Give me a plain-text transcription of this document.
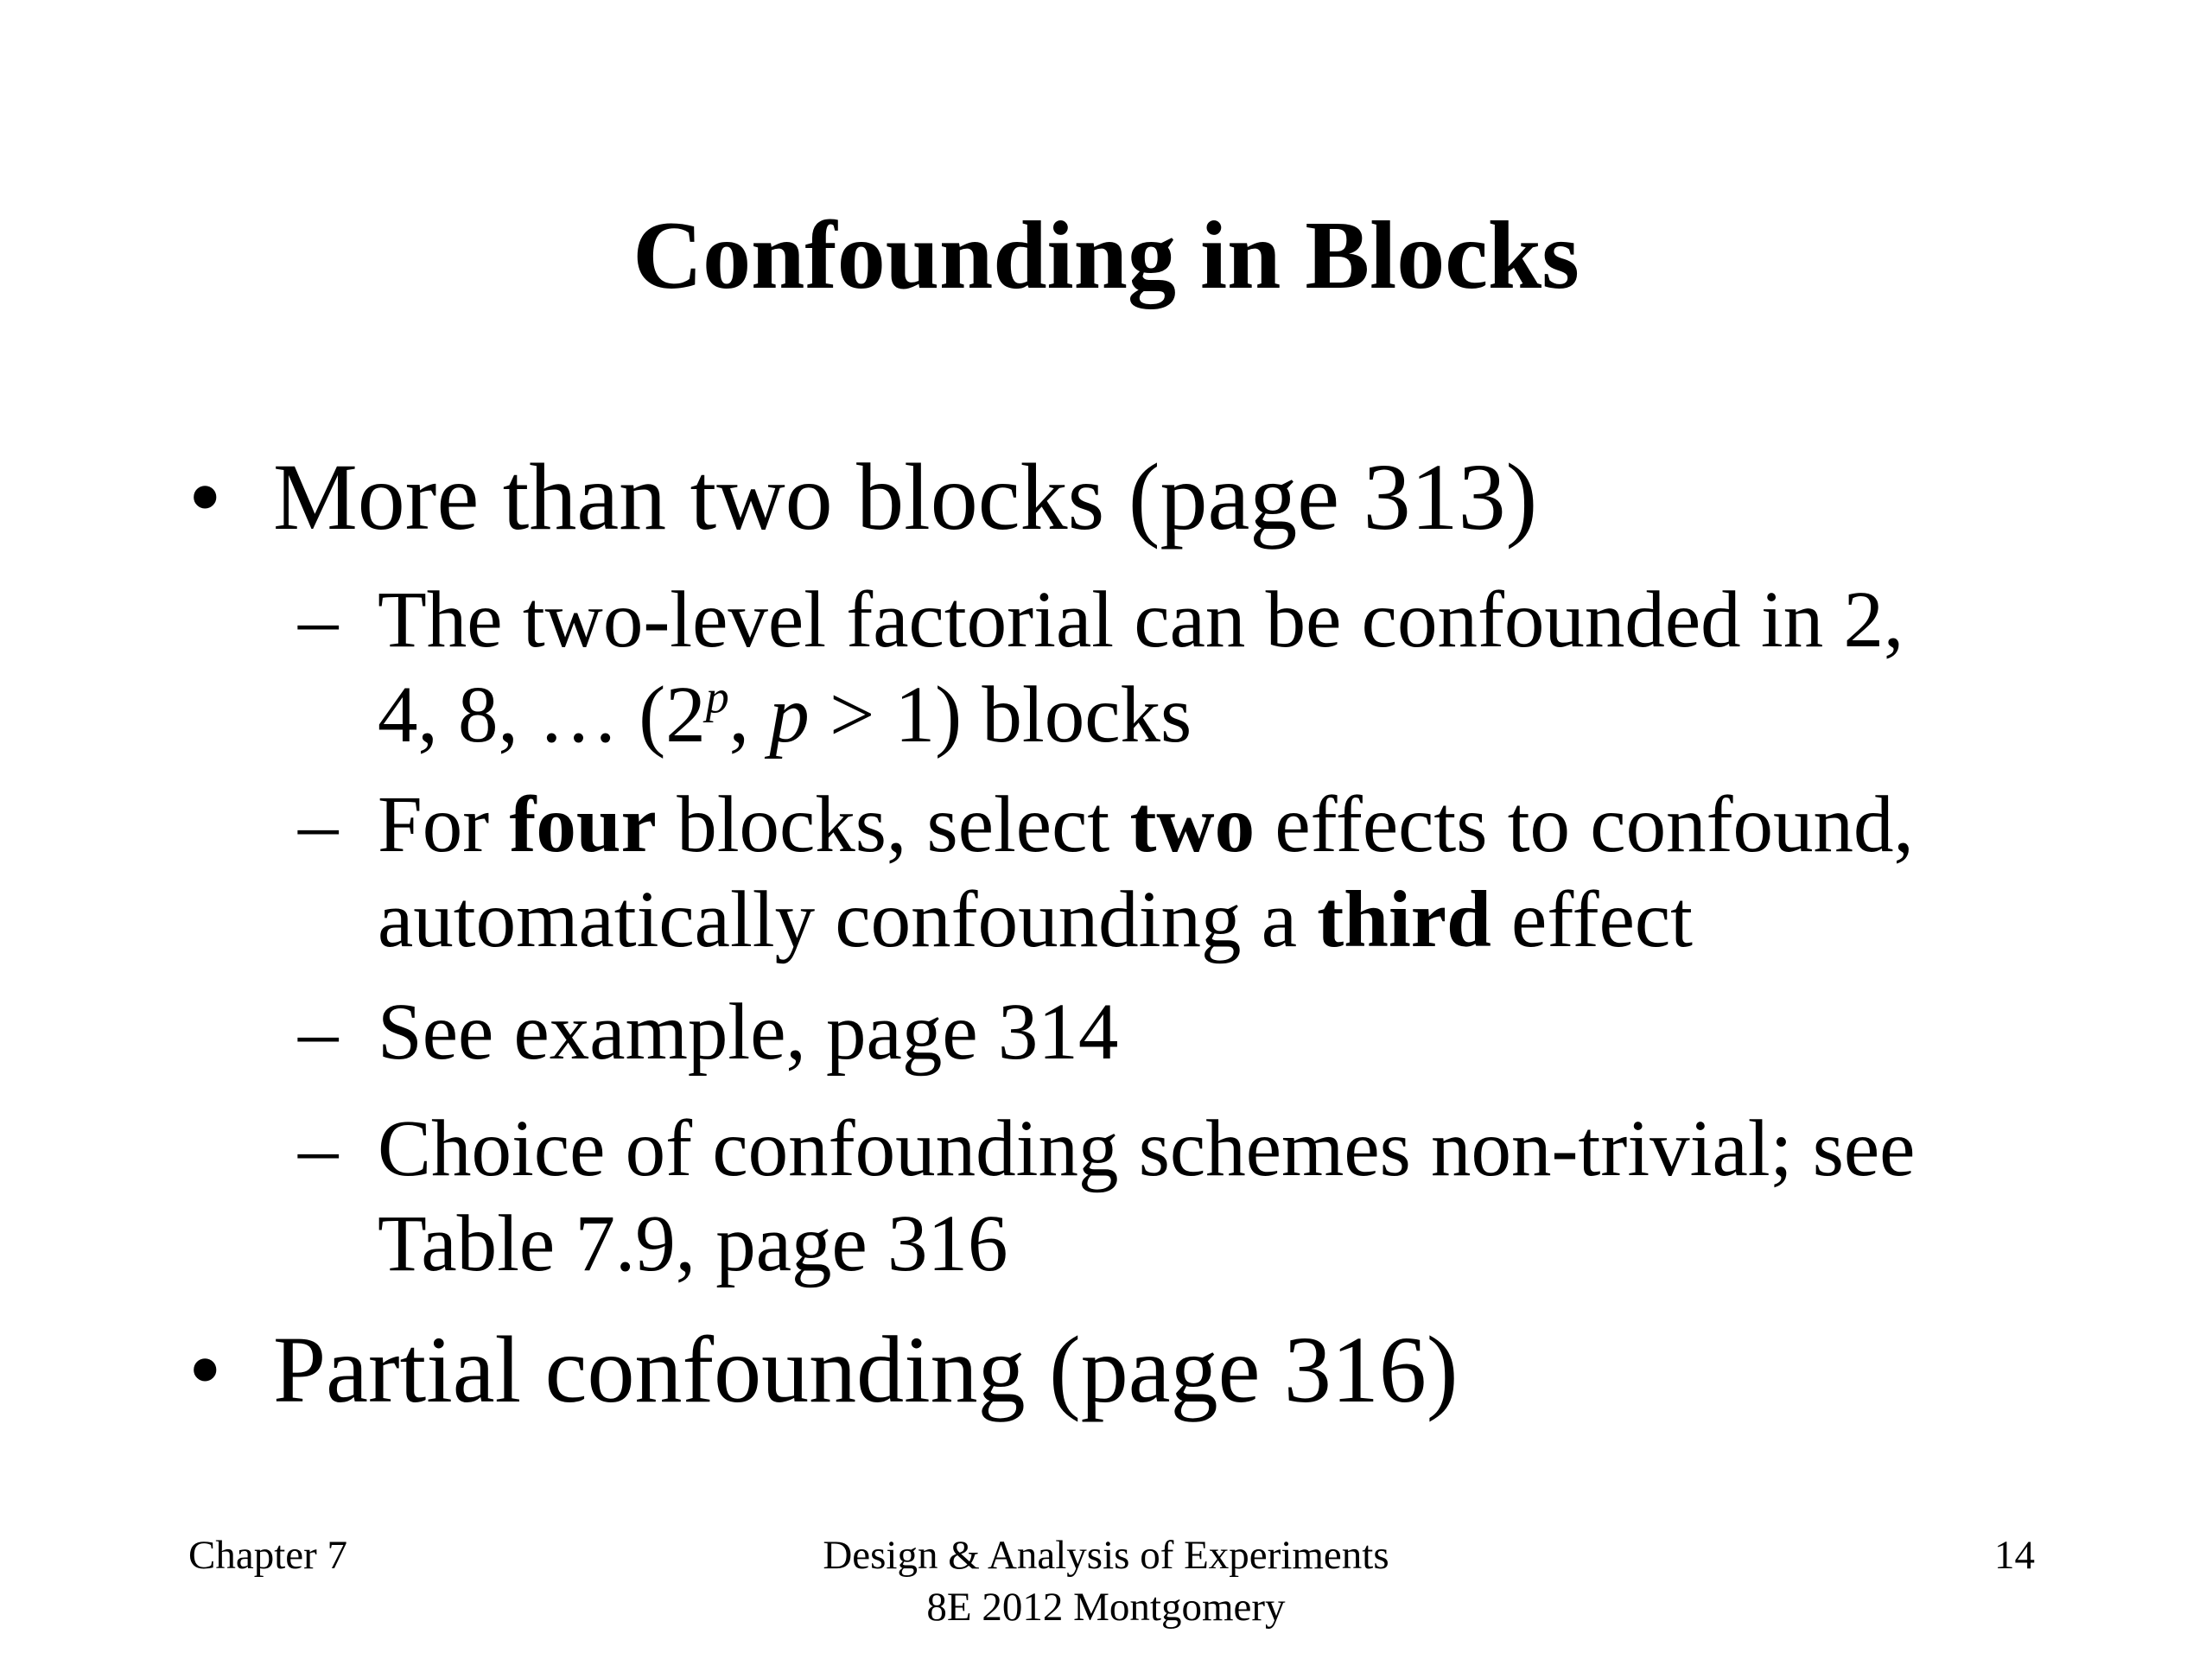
Confounding in Blocks
• More than two blocks (page 313)
– The two-level factorial can be confounded in 2,
4, 8, … (2$^p$, p > 1) blocks
– For four blocks, select two effects to confound,
automatically confounding a third effect
– See example, page 314
– Choice of confounding schemes non-trivial; see
Table 7.9, page 316
• Partial confounding (page 316)
Chapter 7	Design & Analysis of Experiments
8E 2012 Montgomery
14
